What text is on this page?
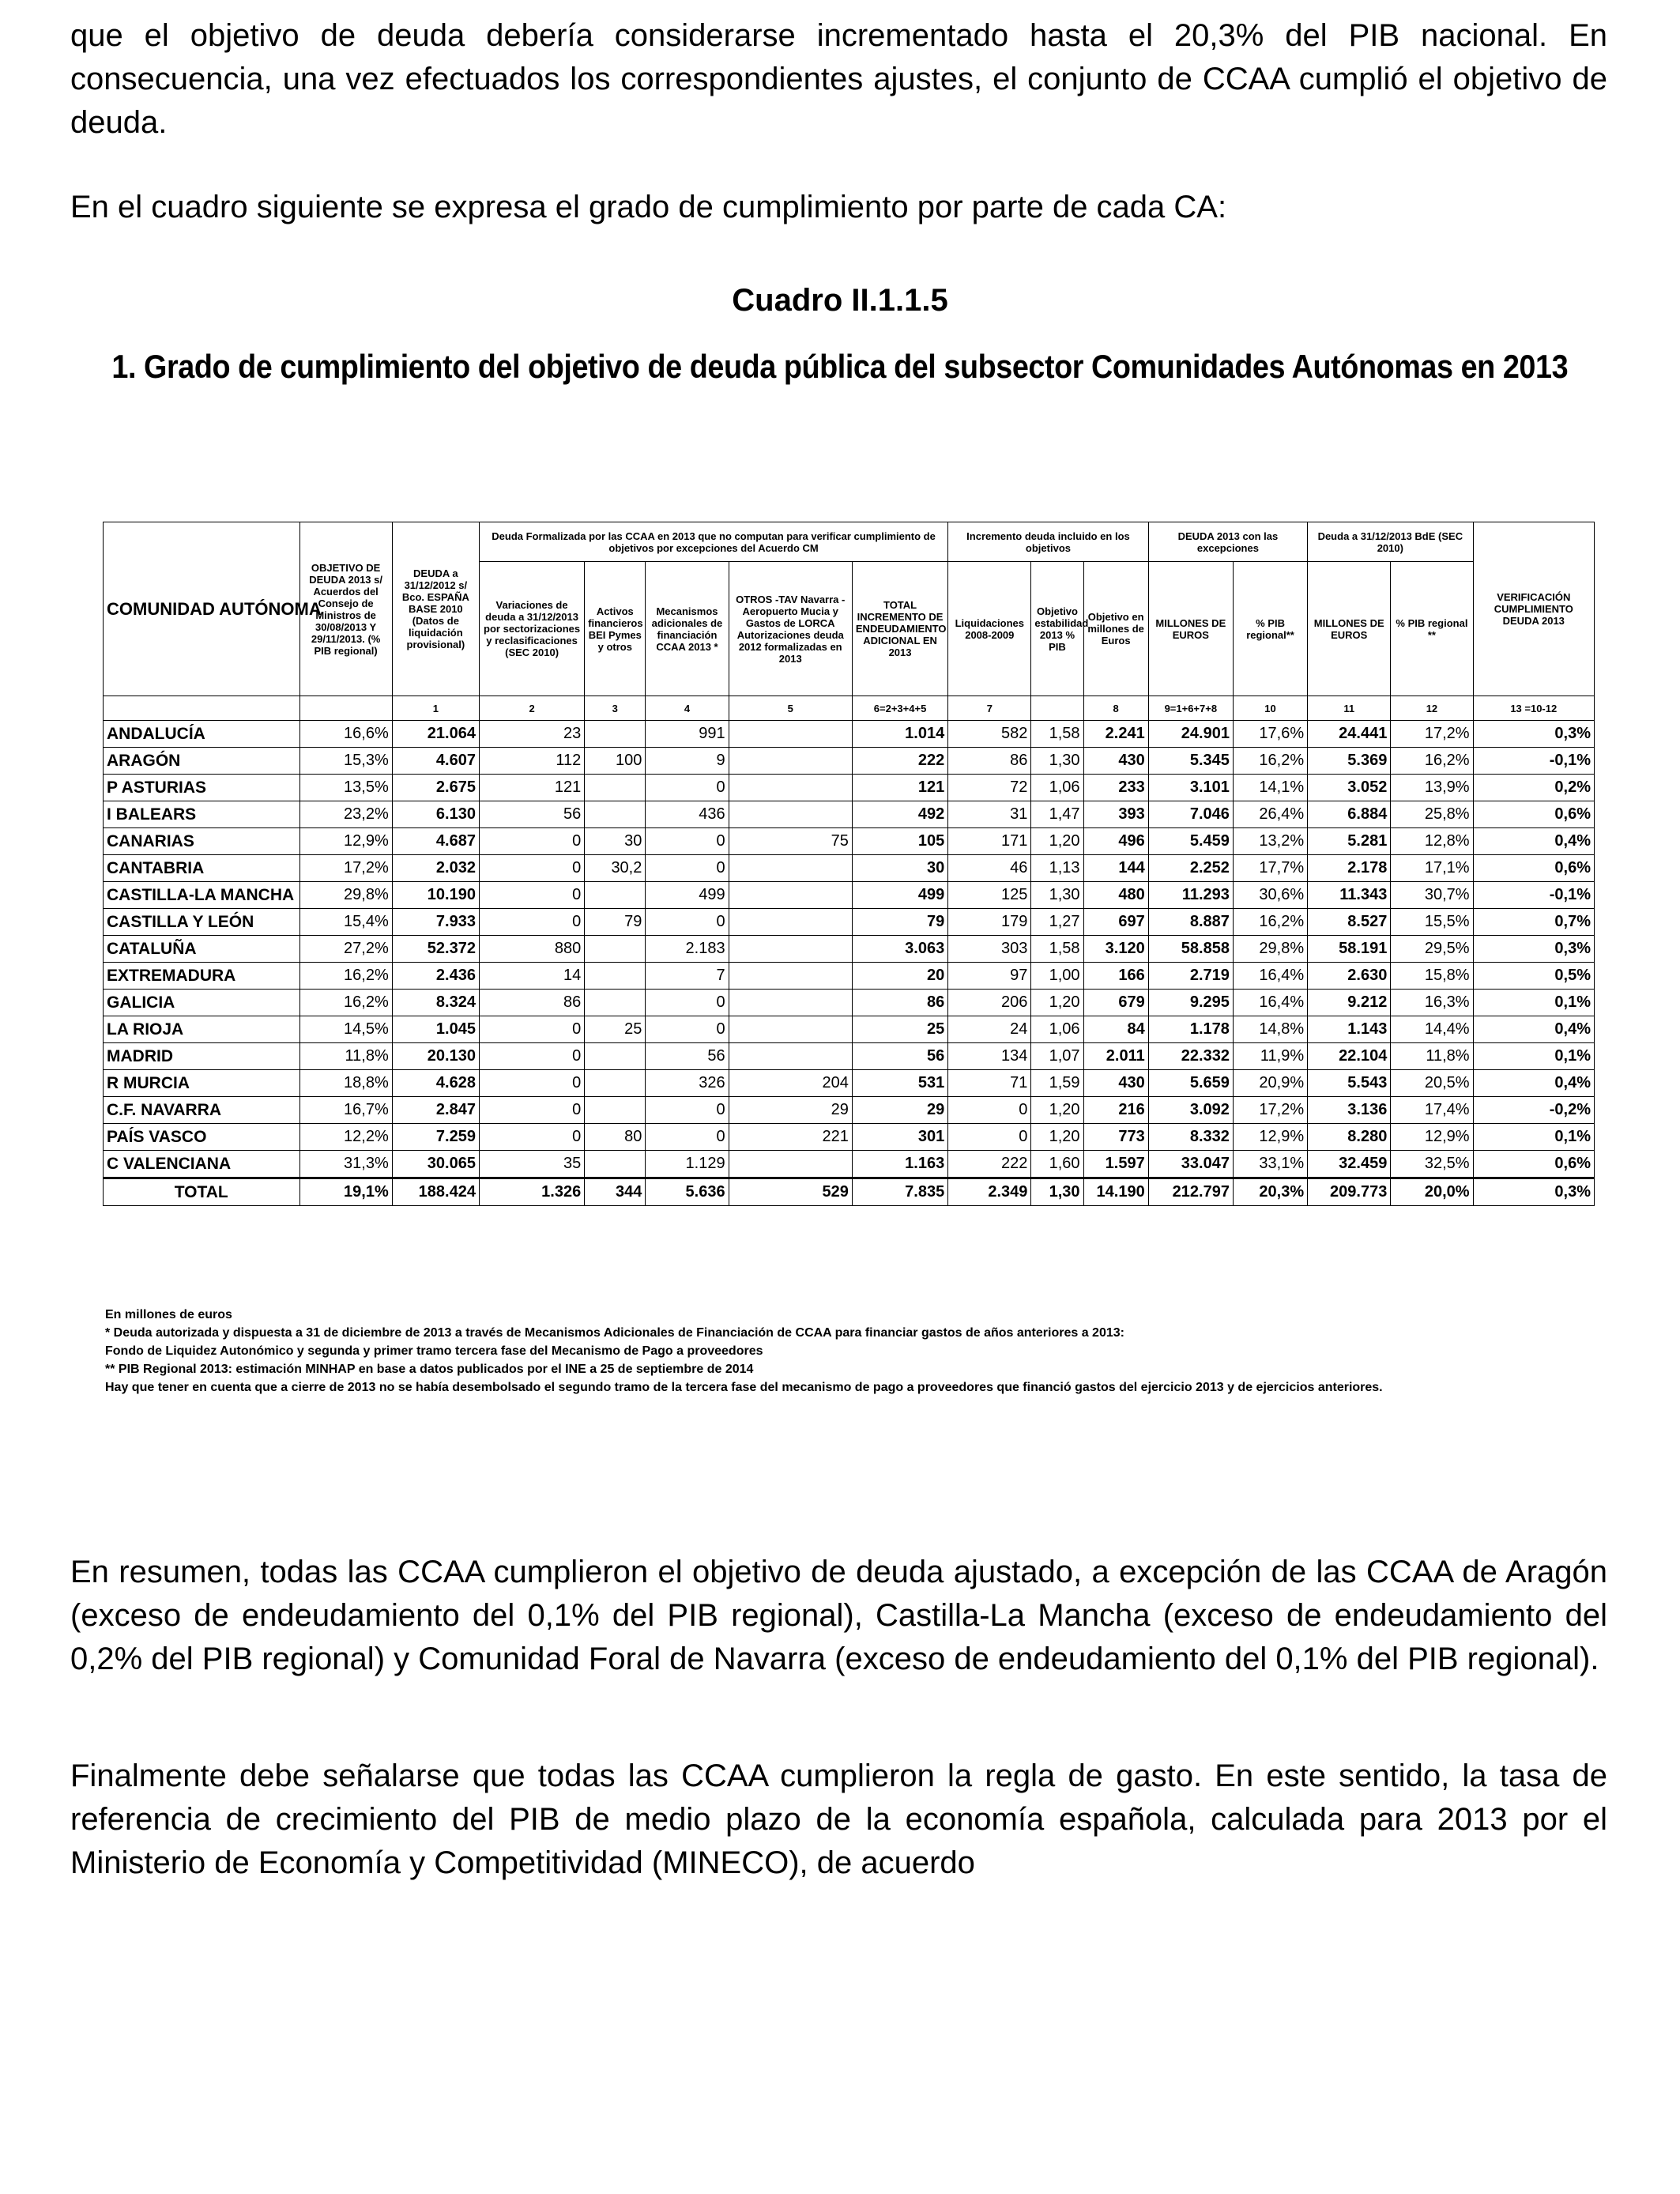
que el objetivo de deuda debería considerarse incrementado hasta el 20,3% del PIB nacional. En consecuencia, una vez efectuados los correspondientes ajustes, el conjunto de CCAA cumplió el objetivo de deuda.

En el cuadro siguiente se expresa el grado de cumplimiento por parte de cada CA:

Cuadro II.1.1.5
1. Grado de cumplimiento del objetivo de deuda pública del subsector Comunidades Autónomas en 2013
COMUNIDAD AUTÓNOMA	OBJETIVO DE DEUDA 2013 s/ Acuerdos del Consejo de Ministros de 30/08/2013 Y 29/11/2013. (% PIB regional)	DEUDA a 31/12/2012 s/ Bco. ESPAÑA BASE 2010 (Datos de liquidación provisional)	Deuda Formalizada por las CCAA en 2013 que no computan para verificar cumplimiento de objetivos por excepciones del Acuerdo CM					Incremento deuda incluido en los objetivos			DEUDA 2013 con las excepciones		Deuda a 31/12/2013 BdE (SEC 2010)		VERIFICACIÓN CUMPLIMIENTO DEUDA 2013
			Variaciones de deuda a 31/12/2013 por sectorizaciones y reclasificaciones (SEC 2010)	Activos financieros BEI Pymes y otros	Mecanismos adicionales de financiación CCAA 2013 *	OTROS -TAV Navarra -Aeropuerto Mucia y Gastos de LORCA Autorizaciones deuda 2012 formalizadas en 2013	TOTAL INCREMENTO DE ENDEUDAMIENTO ADICIONAL EN 2013	Liquidaciones 2008-2009	Objetivo estabilidad 2013 % PIB	Objetivo en millones de Euros	MILLONES DE EUROS	% PIB regional**	MILLONES DE EUROS	% PIB regional **	
		1	2	3	4	5	6=2+3+4+5	7		8	9=1+6+7+8	10	11	12	13 =10-12
ANDALUCÍA	16,6%	21.064	23		991		1.014	582	1,58	2.241	24.901	17,6%	24.441	17,2%	0,3%
ARAGÓN	15,3%	4.607	112	100	9		222	86	1,30	430	5.345	16,2%	5.369	16,2%	-0,1%
P ASTURIAS	13,5%	2.675	121		0		121	72	1,06	233	3.101	14,1%	3.052	13,9%	0,2%
I BALEARS	23,2%	6.130	56		436		492	31	1,47	393	7.046	26,4%	6.884	25,8%	0,6%
CANARIAS	12,9%	4.687	0	30	0	75	105	171	1,20	496	5.459	13,2%	5.281	12,8%	0,4%
CANTABRIA	17,2%	2.032	0	30,2	0		30	46	1,13	144	2.252	17,7%	2.178	17,1%	0,6%
CASTILLA-LA MANCHA	29,8%	10.190	0		499		499	125	1,30	480	11.293	30,6%	11.343	30,7%	-0,1%
CASTILLA Y LEÓN	15,4%	7.933	0	79	0		79	179	1,27	697	8.887	16,2%	8.527	15,5%	0,7%
CATALUÑA	27,2%	52.372	880		2.183		3.063	303	1,58	3.120	58.858	29,8%	58.191	29,5%	0,3%
EXTREMADURA	16,2%	2.436	14		7		20	97	1,00	166	2.719	16,4%	2.630	15,8%	0,5%
GALICIA	16,2%	8.324	86		0		86	206	1,20	679	9.295	16,4%	9.212	16,3%	0,1%
LA RIOJA	14,5%	1.045	0	25	0		25	24	1,06	84	1.178	14,8%	1.143	14,4%	0,4%
MADRID	11,8%	20.130	0		56		56	134	1,07	2.011	22.332	11,9%	22.104	11,8%	0,1%
R MURCIA	18,8%	4.628	0		326	204	531	71	1,59	430	5.659	20,9%	5.543	20,5%	0,4%
C.F. NAVARRA	16,7%	2.847	0		0	29	29	0	1,20	216	3.092	17,2%	3.136	17,4%	-0,2%
PAÍS VASCO	12,2%	7.259	0	80	0	221	301	0	1,20	773	8.332	12,9%	8.280	12,9%	0,1%
C VALENCIANA	31,3%	30.065	35		1.129		1.163	222	1,60	1.597	33.047	33,1%	32.459	32,5%	0,6%
TOTAL	19,1%	188.424	1.326	344	5.636	529	7.835	2.349	1,30	14.190	212.797	20,3%	209.773	20,0%	0,3%
En millones de euros
* Deuda autorizada y dispuesta a 31 de diciembre de 2013 a través de Mecanismos Adicionales de Financiación de CCAA para financiar gastos de años anteriores a 2013:
Fondo de Liquidez Autonómico y segunda y primer tramo tercera fase del Mecanismo de Pago a proveedores
** PIB Regional 2013: estimación MINHAP en base a datos publicados por el INE a 25 de septiembre de 2014
Hay que tener en cuenta que a cierre de 2013 no se había desembolsado el segundo tramo de la tercera fase del mecanismo de pago a proveedores que financió gastos del ejercicio 2013 y de ejercicios anteriores.

En resumen, todas las CCAA cumplieron el objetivo de deuda ajustado, a excepción de las CCAA de Aragón (exceso de endeudamiento del 0,1% del PIB regional), Castilla-La Mancha (exceso de endeudamiento del 0,2% del PIB regional) y Comunidad Foral de Navarra (exceso de endeudamiento del 0,1% del PIB regional).

Finalmente debe señalarse que todas las CCAA cumplieron la regla de gasto. En este sentido, la tasa de referencia de crecimiento del PIB de medio plazo de la economía española, calculada para 2013 por el Ministerio de Economía y Competitividad (MINECO), de acuerdo
